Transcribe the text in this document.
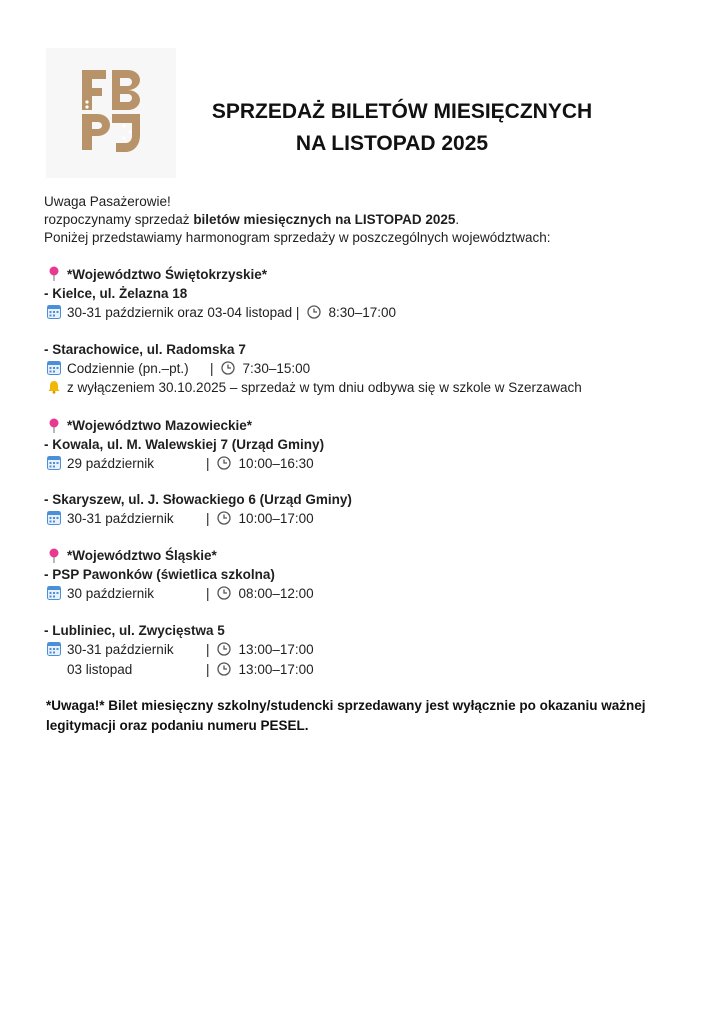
SPRZEDAŻ BILETÓW MIESIĘCZNYCH
NA LISTOPAD 2025
Uwaga Pasażerowie!
rozpoczynamy sprzedaż biletów miesięcznych na LISTOPAD 2025.
Poniżej przedstawiamy harmonogram sprzedaży w poszczególnych województwach:
*Województwo Świętokrzyskie*
- Kielce, ul. Żelazna 18
30-31 październik oraz 03-04 listopad | 8:30–17:00
- Starachowice, ul. Radomska 7
Codziennie (pn.–pt.) | 7:30–15:00
z wyłączeniem 30.10.2025 – sprzedaż w tym dniu odbywa się w szkole w Szerzawach
*Województwo Mazowieckie*
- Kowala, ul. M. Walewskiej 7 (Urząd Gminy)
29 październik	| 10:00–16:30
- Skaryszew, ul. J. Słowackiego 6 (Urząd Gminy)
30-31 październik | 10:00–17:00
*Województwo Śląskie*
- PSP Pawonków (świetlica szkolna)
30 październik	| 08:00–12:00
- Lubliniec, ul. Zwycięstwa 5
30-31 październik | 13:00–17:00
03 listopad	| 13:00–17:00
*Uwaga!* Bilet miesięczny szkolny/studencki sprzedawany jest wyłącznie po okazaniu ważnej legitymacji oraz podaniu numeru PESEL.
